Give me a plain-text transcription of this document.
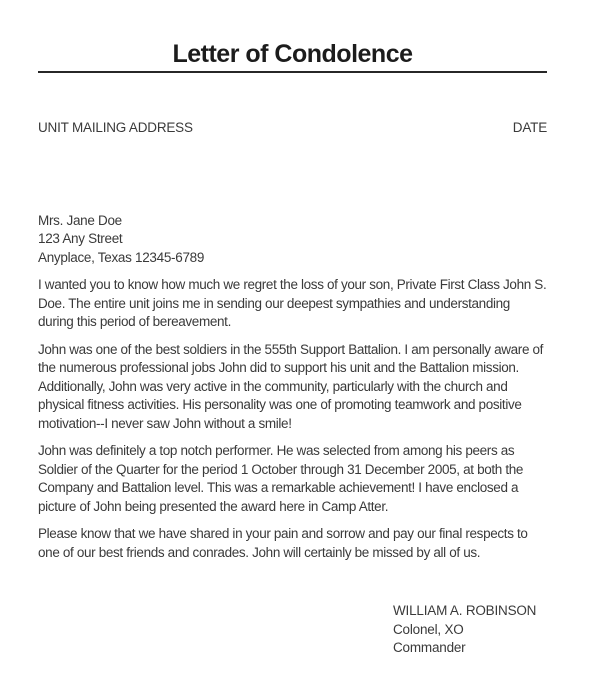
Letter of Condolence
UNIT MAILING ADDRESS	DATE
Mrs. Jane Doe
123 Any Street
Anyplace, Texas 12345-6789

I wanted you to know how much we regret the loss of your son, Private First Class John S. Doe. The entire unit joins me in sending our deepest sympathies and understanding during this period of bereavement.

John was one of the best soldiers in the 555th Support Battalion. I am personally aware of the numerous professional jobs John did to support his unit and the Battalion mission. Additionally, John was very active in the community, particularly with the church and physical fitness activities. His personality was one of promoting teamwork and positive motivation--I never saw John without a smile!

John was definitely a top notch performer. He was selected from among his peers as Soldier of the Quarter for the period 1 October through 31 December 2005, at both the Company and Battalion level. This was a remarkable achievement! I have enclosed a picture of John being presented the award here in Camp Atter.

Please know that we have shared in your pain and sorrow and pay our final respects to one of our best friends and conrades. John will certainly be missed by all of us.

WILLIAM A. ROBINSON
Colonel, XO
Commander
